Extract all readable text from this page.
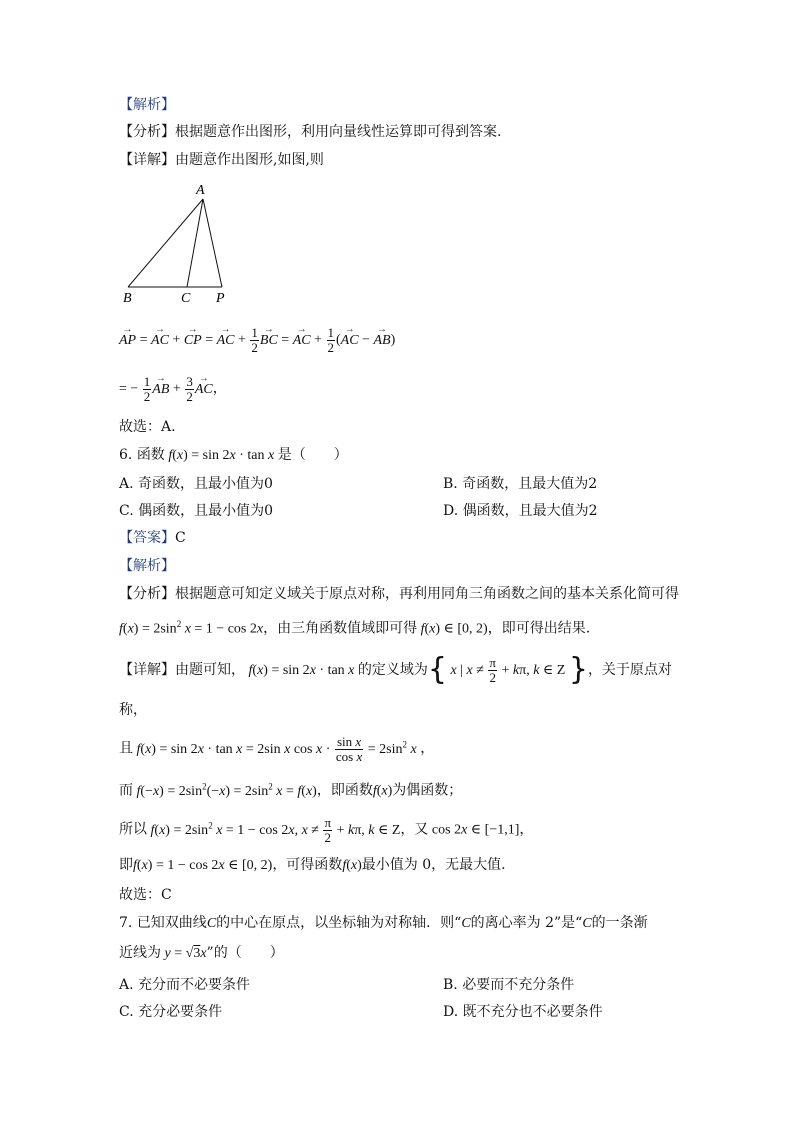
【解析】
【分析】根据题意作出图形，利用向量线性运算即可得到答案.
【详解】由题意作出图形,如图,则
A
B	C P
→ AP = → AC + → CP = → AC + $\frac{1}{2}$ → BC = → AC + $\frac{1}{2}$ (→ AC − → AB)
= − $\frac{1}{2}$ → AB + $\frac{3}{2}$ → AC，
故选：A.
6. 函数 f(x) = sin 2x · tan x 是（　　）
A. 奇函数，且最小值为0	B. 奇函数，且最大值为2
C. 偶函数，且最小值为0	D. 偶函数，且最大值为2
【答案】C
【解析】
【分析】根据题意可知定义域关于原点对称，再利用同角三角函数之间的基本关系化简可得
$f(x) = 2\sin^2$ x = 1 − cos 2x，由三角函数值域即可得 f(x) ∈ [0, 2)，即可得出结果.
【详解】由题可知， f(x) = sin 2x · tan x 的定义域为{ x | $x \ne \frac{\pi}{2} + k\pi$, k ∈ Z }，关于原点对
称，
且 f(x) = sin 2x · tan x = 2sin x $\cos x \cdot \frac{\text{sin x}}{\text{cos x}} = 2\sin^2$ x ，
而 $f(-x) = 2\sin^2(-x) = 2\sin^2$ x = f(x)，即函数f(x)为偶函数；
所以 $f(x) = 2\sin^2$ x = 1 − cos 2x, $x \ne \frac{\pi}{2} + k\pi$, k ∈ Z，又 cos 2x ∈ [−1,1]，
即f(x) = 1 − cos 2x ∈ [0, 2)，可得函数f(x)最小值为 0，无最大值.
故选：C
7. 已知双曲线C的中心在原点，以坐标轴为对称轴．则“C的离心率为 2”是“C的一条渐
近线为 y = √3x”的（　　）
A. 充分而不必要条件	B. 必要而不充分条件
C. 充分必要条件	D. 既不充分也不必要条件
